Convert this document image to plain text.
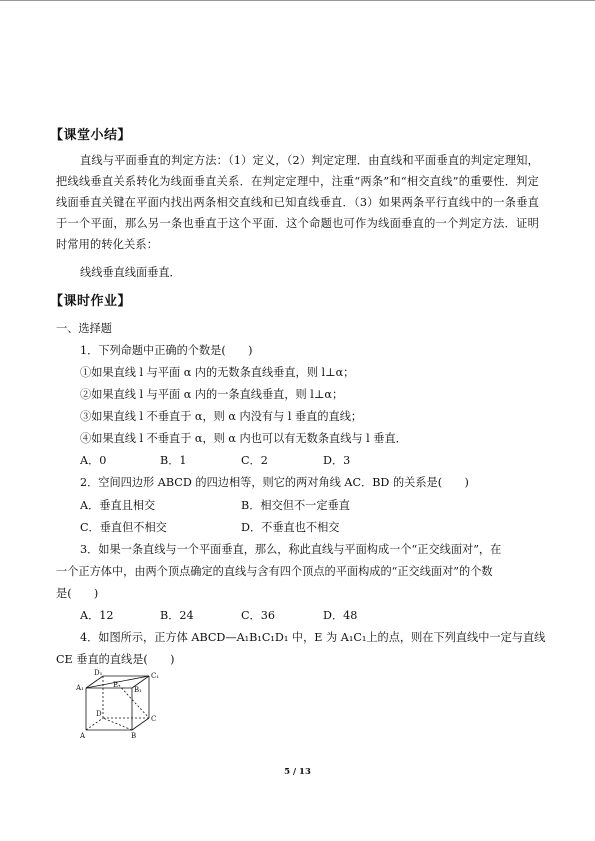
【课堂小结】
直线与平面垂直的判定方法：（1）定义，（2）判定定理．由直线和平面垂直的判定定理知，把线线垂直关系转化为线面垂直关系．在判定定理中，注重“两条”和“相交直线”的重要性．判定线面垂直关键在平面内找出两条相交直线和已知直线垂直．（3）如果两条平行直线中的一条垂直于一个平面，那么另一条也垂直于这个平面．这个命题也可作为线面垂直的一个判定方法．证明时常用的转化关系：
线线垂直线面垂直．
【课时作业】
一、选择题
1．下列命题中正确的个数是(　　)
①如果直线 l 与平面 α 内的无数条直线垂直，则 l⊥α；
②如果直线 l 与平面 α 内的一条直线垂直，则 l⊥α；
③如果直线 l 不垂直于 α，则 α 内没有与 l 垂直的直线；
④如果直线 l 不垂直于 α，则 α 内也可以有无数条直线与 l 垂直．
A．0	B．1	C．2	D．3
2．空间四边形 ABCD 的四边相等，则它的两对角线 AC．BD 的关系是(　　)
A．垂直且相交	B．相交但不一定垂直
C．垂直但不相交	D．不垂直也不相交
3．如果一条直线与一个平面垂直，那么，称此直线与平面构成一个“正交线面对”，在
一个正方体中，由两个顶点确定的直线与含有四个顶点的平面构成的“正交线面对”的个数
是(　　)
A．12	B．24	C．36	D．48
4．如图所示，正方体 ABCD—A₁B₁C₁D₁ 中，E 为 A₁C₁上的点，则在下列直线中一定与直线
CE 垂直的直线是(　　)
D₁	C₁
A₁	B₁
E
D
C
A	B
5 / 13
